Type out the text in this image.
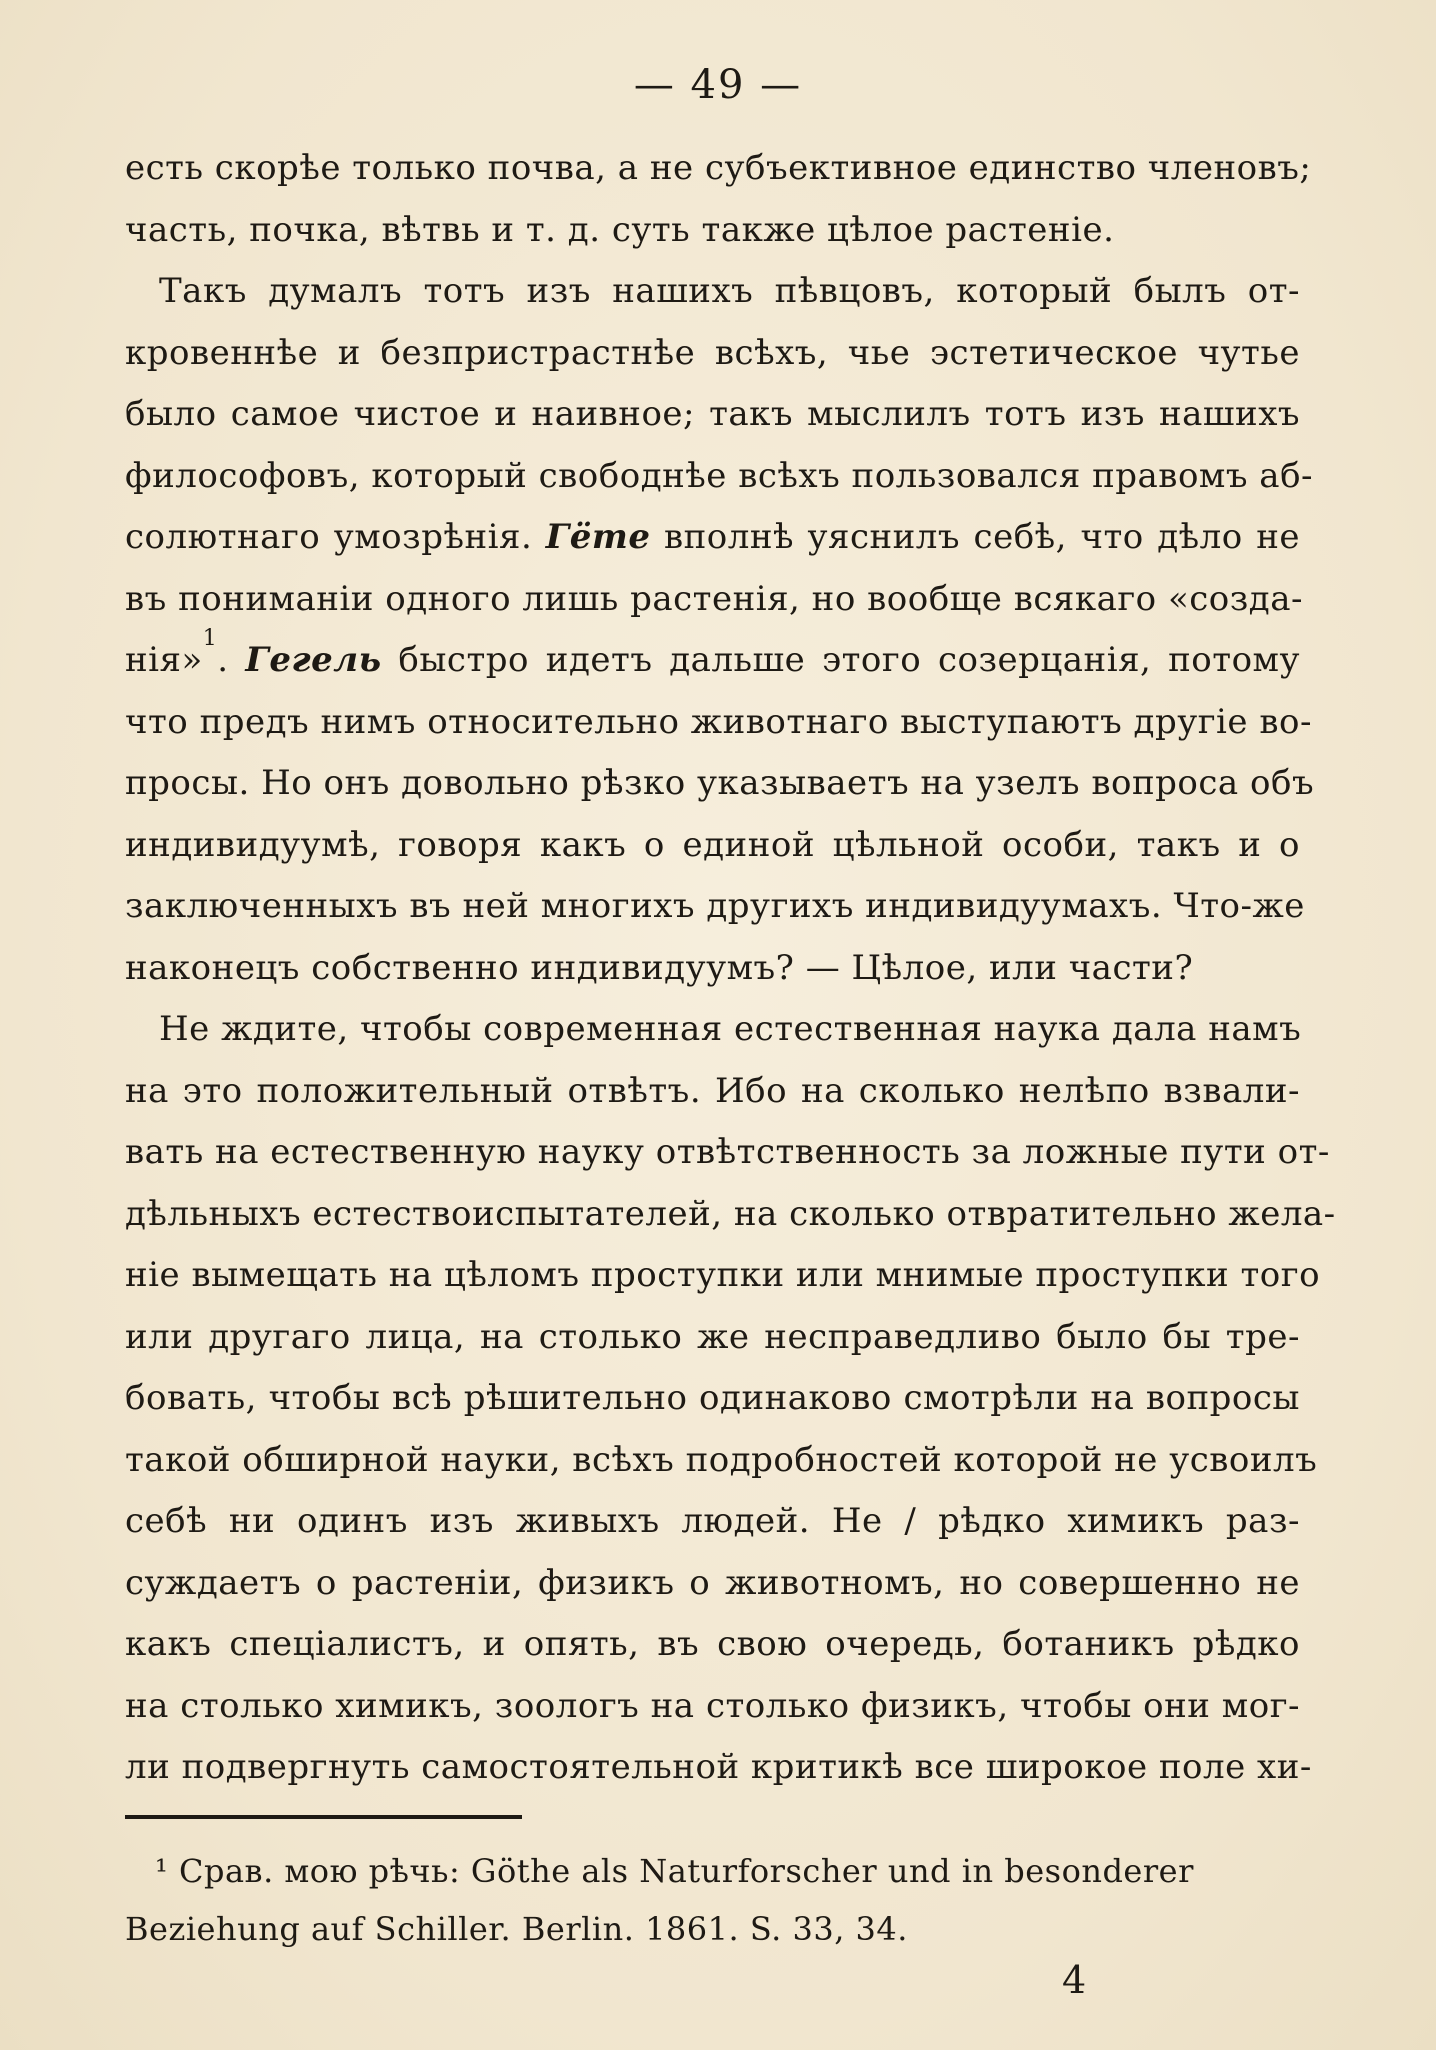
— 49 —
есть скорѣе только почва, а не субъективное единство членовъ;
часть, почка, вѣтвь и т. д. суть также цѣлое растенiе.
Такъ думалъ тотъ изъ нашихъ пѣвцовъ, который былъ от-
кровеннѣе и безпристрастнѣе всѣхъ, чье эстетическое чутье
было самое чистое и наивное; такъ мыслилъ тотъ изъ нашихъ
философовъ, который свободнѣе всѣхъ пользовался правомъ аб-
солютнаго умозрѣнiя. Гёте вполнѣ уяснилъ себѣ, что дѣло не
въ пониманiи одного лишь растенiя, но вообще всякаго «созда-
нiя»$^1$. Гегель быстро идетъ дальше этого созерцанiя, потому
что предъ нимъ относительно животнаго выступаютъ другiе во-
просы. Но онъ довольно рѣзко указываетъ на узелъ вопроса объ
индивидуумѣ, говоря какъ о единой цѣльной особи, такъ и о
заключенныхъ въ ней многихъ другихъ индивидуумахъ. Что-же
наконецъ собственно индивидуумъ? — Цѣлое, или части?
Не ждите, чтобы современная естественная наука дала намъ
на это положительный отвѣтъ. Ибо на сколько нелѣпо взвали-
вать на естественную науку отвѣтственность за ложные пути от-
дѣльныхъ естествоиспытателей, на сколько отвратительно жела-
нiе вымещать на цѣломъ проступки или мнимые проступки того
или другаго лица, на столько же несправедливо было бы тре-
бовать, чтобы всѣ рѣшительно одинаково смотрѣли на вопросы
такой обширной науки, всѣхъ подробностей которой не усвоилъ
себѣ ни одинъ изъ живыхъ людей. Не / рѣдко химикъ раз-
суждаетъ о растенiи, физикъ о животномъ, но совершенно не
какъ спецiалистъ, и опять, въ свою очередь, ботаникъ рѣдко
на столько химикъ, зоологъ на столько физикъ, чтобы они мог-
ли подвергнуть самостоятельной критикѣ все широкое поле хи-
¹ Срав. мою рѣчь: Göthe als Naturforscher und in besonderer
Beziehung auf Schiller. Berlin. 1861. S. 33, 34.
4
